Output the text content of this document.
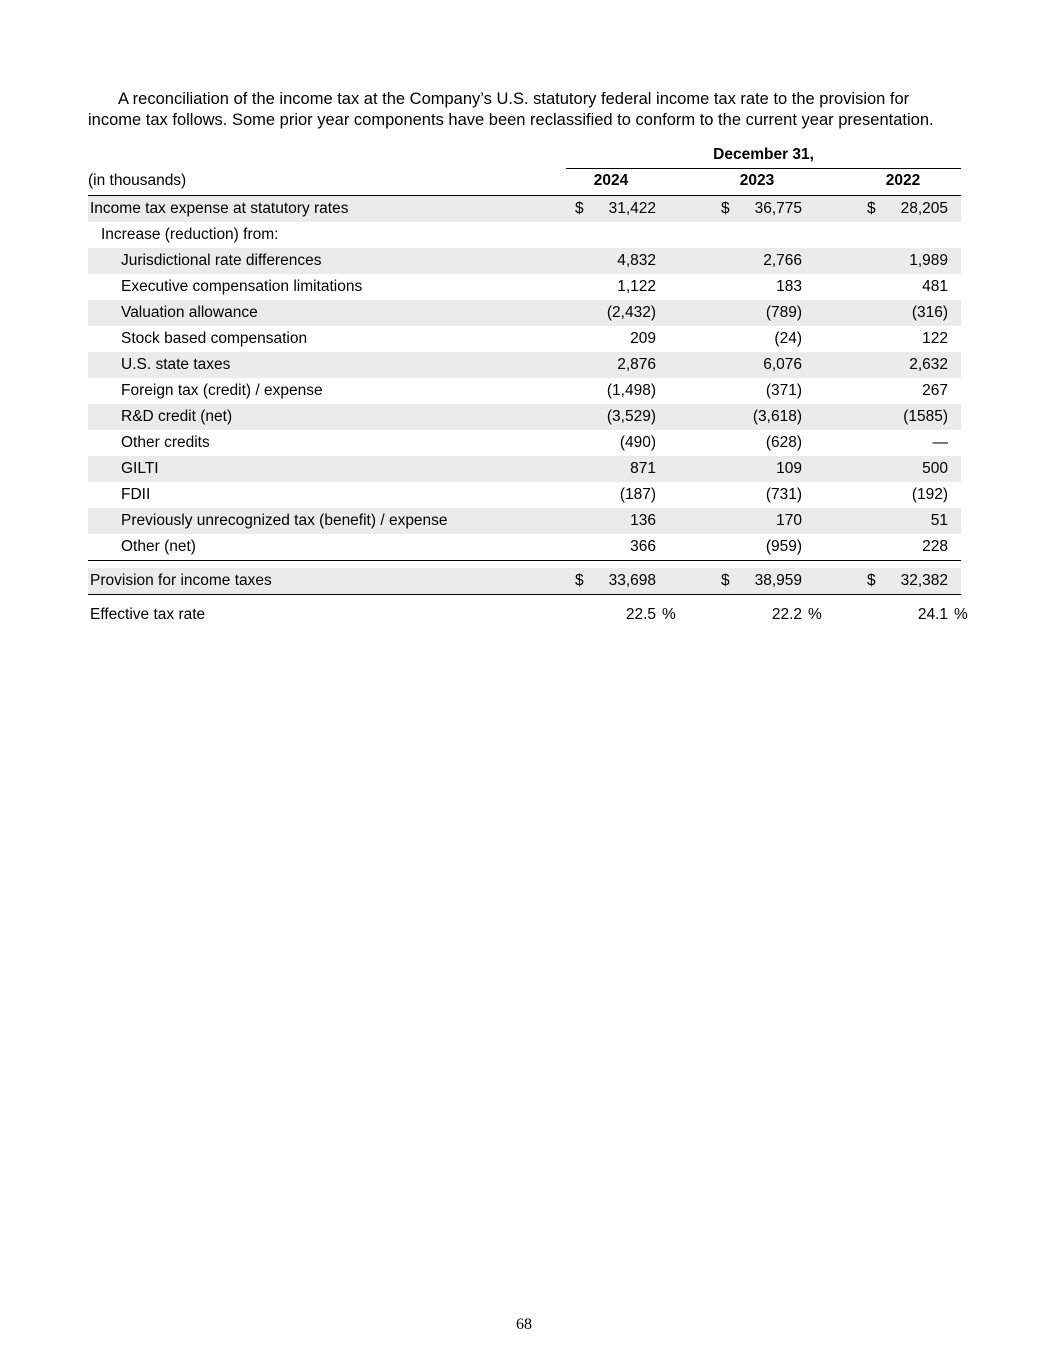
A reconciliation of the income tax at the Company’s U.S. statutory federal income tax rate to the provision for income tax follows. Some prior year components have been reclassified to conform to the current year presentation.

	December 31,								
(in thousands)	2024			2023			2022		
Income tax expense at statutory rates	$	31,422		$	36,775		$	28,205	
Increase (reduction) from:									
Jurisdictional rate differences		4,832			2,766			1,989	
Executive compensation limitations		1,122			183			481	
Valuation allowance		(2,432)			(789)			(316)	
Stock based compensation		209			(24)			122	
U.S. state taxes		2,876			6,076			2,632	
Foreign tax (credit) / expense		(1,498)			(371)			267	
R&D credit (net)		(3,529)			(3,618)			(1585)	
Other credits		(490)			(628)			—	
GILTI		871			109			500	
FDII		(187)			(731)			(192)	
Previously unrecognized tax (benefit) / expense		136			170			51	
Other (net)		366			(959)			228	

Provision for income taxes	$	33,698		$	38,959		$	32,382	

Effective tax rate		22.5	%		22.2	%		24.1	%
68
